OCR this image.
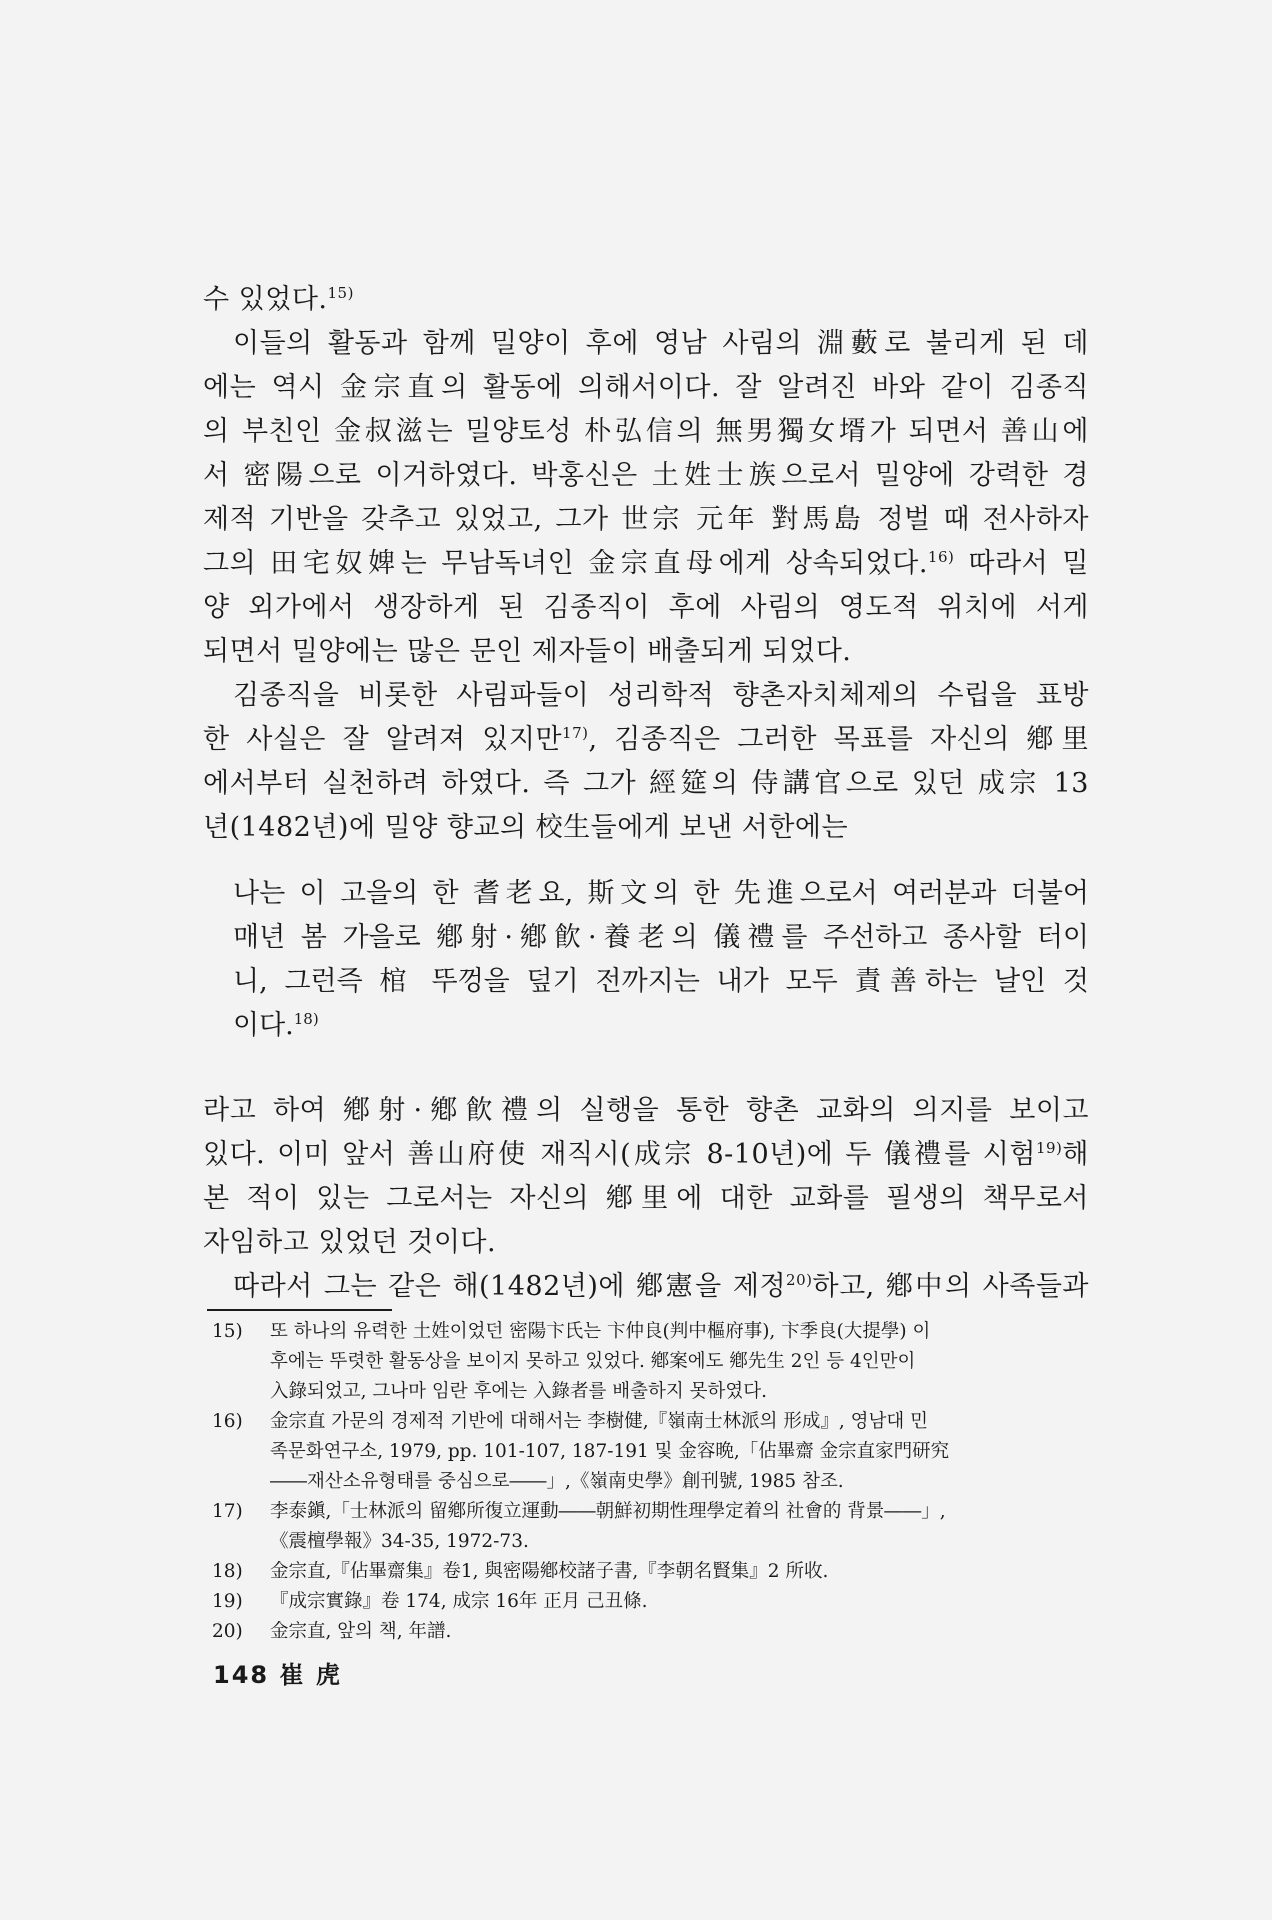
수 있었다.$^{15)}$
이들의 활동과 함께 밀양이 후에 영남 사림의 淵藪로 불리게 된 데
에는 역시 金宗直의 활동에 의해서이다. 잘 알려진 바와 같이 김종직
의 부친인 金叔滋는 밀양토성 朴弘信의 無男獨女壻가 되면서 善山에
서 密陽으로 이거하였다. 박홍신은 土姓士族으로서 밀양에 강력한 경
제적 기반을 갖추고 있었고, 그가 世宗 元年 對馬島 정벌 때 전사하자
그의 田宅奴婢는 무남독녀인 金宗直母에게 상속되었다.$^{16)}$ 따라서 밀
양 외가에서 생장하게 된 김종직이 후에 사림의 영도적 위치에 서게
되면서 밀양에는 많은 문인 제자들이 배출되게 되었다.
김종직을 비롯한 사림파들이 성리학적 향촌자치체제의 수립을 표방
한 사실은 잘 알려져 있지만$^{17)}$, 김종직은 그러한 목표를 자신의 鄕里
에서부터 실천하려 하였다. 즉 그가 經筵의 侍講官으로 있던 成宗 13
년(1482년)에 밀양 향교의 校生들에게 보낸 서한에는
나는 이 고을의 한 耆老요, 斯文의 한 先進으로서 여러분과 더불어
매년 봄 가을로 鄕射·鄕飮·養老의 儀禮를 주선하고 종사할 터이
니, 그런즉 棺 뚜껑을 덮기 전까지는 내가 모두 責善하는 날인 것
이다.$^{18)}$
라고 하여 鄕射·鄕飮禮의 실행을 통한 향촌 교화의 의지를 보이고
있다. 이미 앞서 善山府使 재직시(成宗 8-10년)에 두 儀禮를 시험$^{19)}$해
본 적이 있는 그로서는 자신의 鄕里에 대한 교화를 필생의 책무로서
자임하고 있었던 것이다.
따라서 그는 같은 해(1482년)에 鄕憲을 제정$^{20)}$하고, 鄕中의 사족들과
15) 또 하나의 유력한 土姓이었던 密陽卞氏는 卞仲良(判中樞府事), 卞季良(大提學) 이
후에는 뚜렷한 활동상을 보이지 못하고 있었다. 鄕案에도 鄕先生 2인 등 4인만이
入錄되었고, 그나마 임란 후에는 入錄者를 배출하지 못하였다.
16) 金宗直 가문의 경제적 기반에 대해서는 李樹健,『嶺南士林派의 形成』, 영남대 민
족문화연구소, 1979, pp. 101-107, 187-191 및 金容晩,「佔畢齋 金宗直家門研究
――재산소유형태를 중심으로――」,《嶺南史學》創刊號, 1985 참조.
17) 李泰鎭,「士林派의 留鄕所復立運動――朝鮮初期性理學定着의 社會的 背景――」,
《震檀學報》34-35, 1972-73.
18) 金宗直,『佔畢齋集』卷1, 與密陽鄕校諸子書,『李朝名賢集』2 所收.
19) 『成宗實錄』卷 174, 成宗 16年 正月 己丑條.
20) 金宗直, 앞의 책, 年譜.
148 崔 虎
